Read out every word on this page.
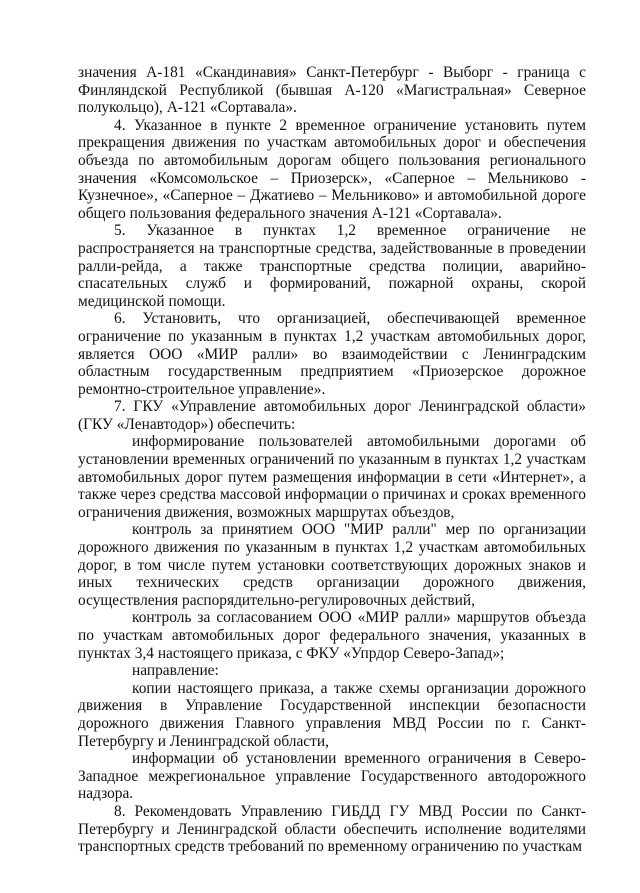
значения А-181 «Скандинавия» Санкт-Петербург - Выборг - граница с Финляндской Республикой (бывшая А-120 «Магистральная» Северное полукольцо), А-121 «Сортавала».

4. Указанное в пункте 2 временное ограничение установить путем прекращения движения по участкам автомобильных дорог и обеспечения объезда по автомобильным дорогам общего пользования регионального значения «Комсомольское – Приозерск», «Саперное – Мельниково - Кузнечное», «Саперное – Джатиево – Мельниково» и автомобильной дороге общего пользования федерального значения А-121 «Сортавала».

5. Указанное в пунктах 1,2 временное ограничение не распространяется на транспортные средства, задействованные в проведении ралли-рейда, а также транспортные средства полиции, аварийно-спасательных служб и формирований, пожарной охраны, скорой медицинской помощи.

6. Установить, что организацией, обеспечивающей временное ограничение по указанным в пунктах 1,2 участкам автомобильных дорог, является ООО «МИР ралли» во взаимодействии с Ленинградским областным государственным предприятием «Приозерское дорожное ремонтно-строительное управление».

7. ГКУ «Управление автомобильных дорог Ленинградской области» (ГКУ «Ленавтодор») обеспечить:

информирование пользователей автомобильными дорогами об установлении временных ограничений по указанным в пунктах 1,2 участкам автомобильных дорог путем размещения информации в сети «Интернет», а также через средства массовой информации о причинах и сроках временного ограничения движения, возможных маршрутах объездов,

контроль за принятием ООО "МИР ралли" мер по организации дорожного движения по указанным в пунктах 1,2 участкам автомобильных дорог, в том числе путем установки соответствующих дорожных знаков и иных технических средств организации дорожного движения, осуществления распорядительно-регулировочных действий,

контроль за согласованием ООО «МИР ралли» маршрутов объезда по участкам автомобильных дорог федерального значения, указанных в пунктах 3,4 настоящего приказа, с ФКУ «Упрдор Северо-Запад»;

направление:

копии настоящего приказа, а также схемы организации дорожного движения в Управление Государственной инспекции безопасности дорожного движения Главного управления МВД России по г. Санкт-Петербургу и Ленинградской области,

информации об установлении временного ограничения в Северо-Западное межрегиональное управление Государственного автодорожного надзора.

8. Рекомендовать Управлению ГИБДД ГУ МВД России по Санкт-Петербургу и Ленинградской области обеспечить исполнение водителями транспортных средств требований по временному ограничению по участкам
